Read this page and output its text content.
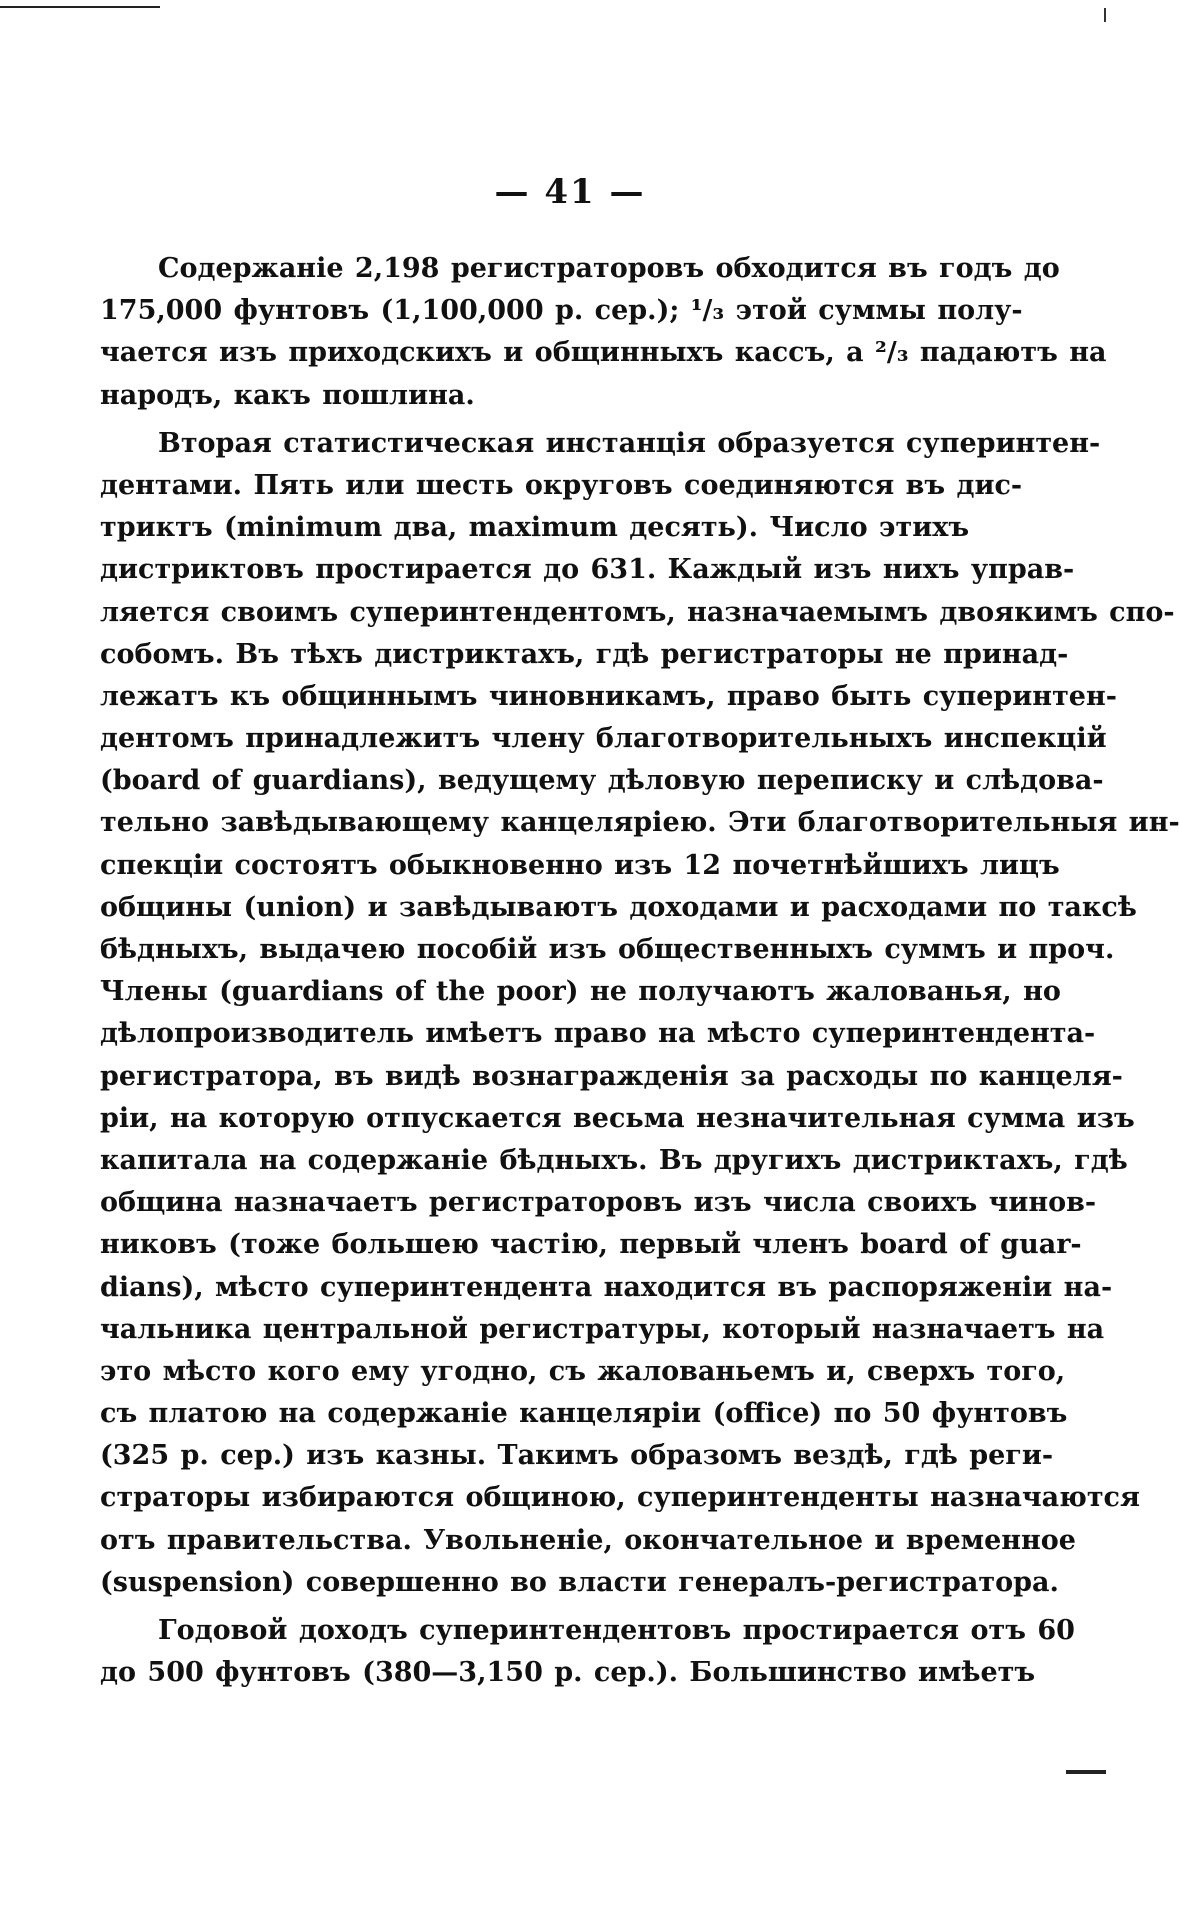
— 41 —
Содержаніе 2,198 регистраторовъ обходится въ годъ до
175,000 фунтовъ (1,100,000 р. сер.); ¹/₃ этой суммы полу-
чается изъ приходскихъ и общинныхъ кассъ, а ²/₃ падаютъ на
народъ, какъ пошлина.
Вторая статистическая инстанція образуется суперинтен-
дентами. Пять или шесть округовъ соединяются въ дис-
триктъ (minimum два, maximum десять). Число этихъ
дистриктовъ простирается до 631. Каждый изъ нихъ управ-
ляется своимъ суперинтендентомъ, назначаемымъ двоякимъ спо-
собомъ. Въ тѣхъ дистриктахъ, гдѣ регистраторы не принад-
лежатъ къ общиннымъ чиновникамъ, право быть суперинтен-
дентомъ принадлежитъ члену благотворительныхъ инспекцій
(board of guardians), ведущему дѣловую переписку и слѣдова-
тельно завѣдывающему канцеляріею. Эти благотворительныя ин-
спекціи состоятъ обыкновенно изъ 12 почетнѣйшихъ лицъ
общины (union) и завѣдываютъ доходами и расходами по таксѣ
бѣдныхъ, выдачею пособій изъ общественныхъ суммъ и проч.
Члены (guardians of the poor) не получаютъ жалованья, но
дѣлопроизводитель имѣетъ право на мѣсто суперинтендента-
регистратора, въ видѣ вознагражденія за расходы по канцеля-
ріи, на которую отпускается весьма незначительная сумма изъ
капитала на содержаніе бѣдныхъ. Въ другихъ дистриктахъ, гдѣ
община назначаетъ регистраторовъ изъ числа своихъ чинов-
никовъ (тоже большею частію, первый членъ board of guar-
dians), мѣсто суперинтендента находится въ распоряженіи на-
чальника центральной регистратуры, который назначаетъ на
это мѣсто кого ему угодно, съ жалованьемъ и, сверхъ того,
съ платою на содержаніе канцеляріи (office) по 50 фунтовъ
(325 р. сер.) изъ казны. Такимъ образомъ вездѣ, гдѣ реги-
страторы избираются общиною, суперинтенденты назначаются
отъ правительства. Увольненіе, окончательное и временное
(suspension) совершенно во власти генералъ-регистратора.
Годовой доходъ суперинтендентовъ простирается отъ 60
до 500 фунтовъ (380—3,150 р. сер.). Большинство имѣетъ
